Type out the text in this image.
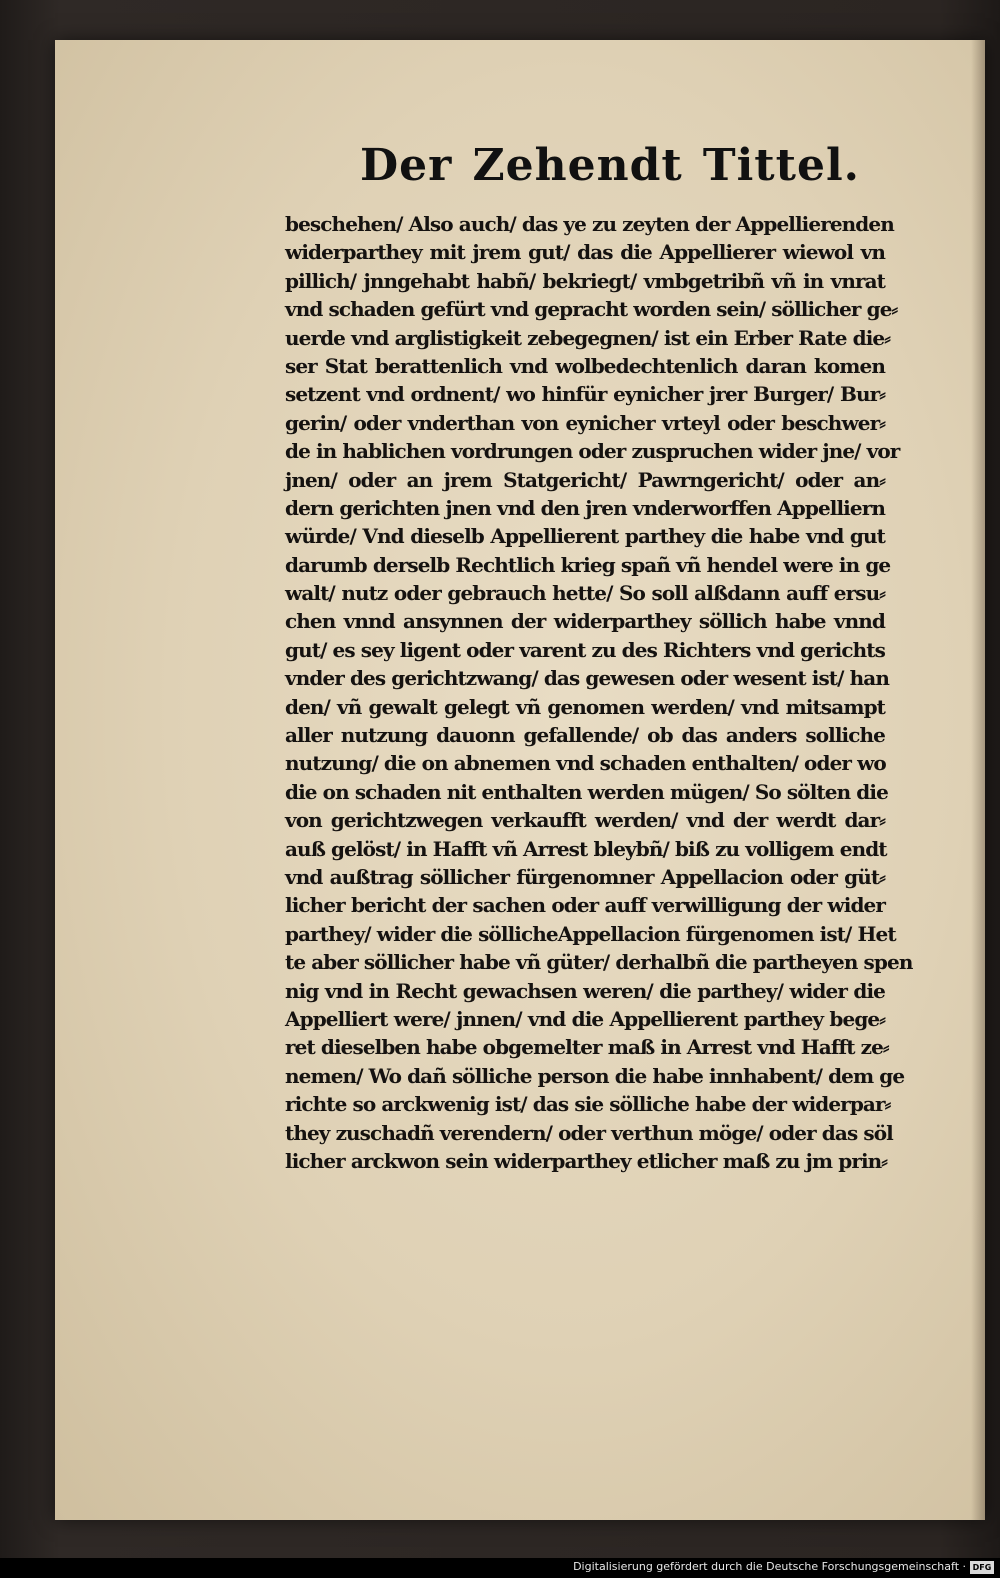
Der Zehendt Tittel.
beschehen/ Also auch/ das ye zu zeyten der Appellierenden
widerparthey mit jrem gut/ das die Appellierer wiewol vn
pillich/ jnngehabt habñ/ bekriegt/ vmbgetribñ vñ in vnrat
vnd schaden gefürt vnd gepracht worden sein/ söllicher ge⸗
uerde vnd arglistigkeit zebegegnen/ ist ein Erber Rate die⸗
ser Stat berattenlich vnd wolbedechtenlich daran komen
setzent vnd ordnent/ wo hinfür eynicher jrer Burger/ Bur⸗
gerin/ oder vnderthan von eynicher vrteyl oder beschwer⸗
de in hablichen vordrungen oder zuspruchen wider jne/ vor
jnen/ oder an jrem Statgericht/ Pawrngericht/ oder an⸗
dern gerichten jnen vnd den jren vnderworffen Appelliern
würde/ Vnd dieselb Appellierent parthey die habe vnd gut
darumb derselb Rechtlich krieg spañ vñ hendel were in ge
walt/ nutz oder gebrauch hette/ So soll alßdann auff ersu⸗
chen vnnd ansynnen der widerparthey söllich habe vnnd
gut/ es sey ligent oder varent zu des Richters vnd gerichts
vnder des gerichtzwang/ das gewesen oder wesent ist/ han
den/ vñ gewalt gelegt vñ genomen werden/ vnd mitsampt
aller nutzung dauonn gefallende/ ob das anders solliche
nutzung/ die on abnemen vnd schaden enthalten/ oder wo
die on schaden nit enthalten werden mügen/ So sölten die
von gerichtzwegen verkaufft werden/ vnd der werdt dar⸗
auß gelöst/ in Hafft vñ Arrest bleybñ/ biß zu volligem endt
vnd außtrag söllicher fürgenomner Appellacion oder güt⸗
licher bericht der sachen oder auff verwilligung der wider
parthey/ wider die söllicheAppellacion fürgenomen ist/ Het
te aber söllicher habe vñ güter/ derhalbñ die partheyen spen
nig vnd in Recht gewachsen weren/ die parthey/ wider die
Appelliert were/ jnnen/ vnd die Appellierent parthey bege⸗
ret dieselben habe obgemelter maß in Arrest vnd Hafft ze⸗
nemen/ Wo dañ sölliche person die habe innhabent/ dem ge
richte so arckwenig ist/ das sie sölliche habe der widerpar⸗
they zuschadñ verendern/ oder verthun möge/ oder das söl
licher arckwon sein widerparthey etlicher maß zu jm prin⸗
Digitalisierung gefördert durch die Deutsche Forschungsgemeinschaft · DFG
